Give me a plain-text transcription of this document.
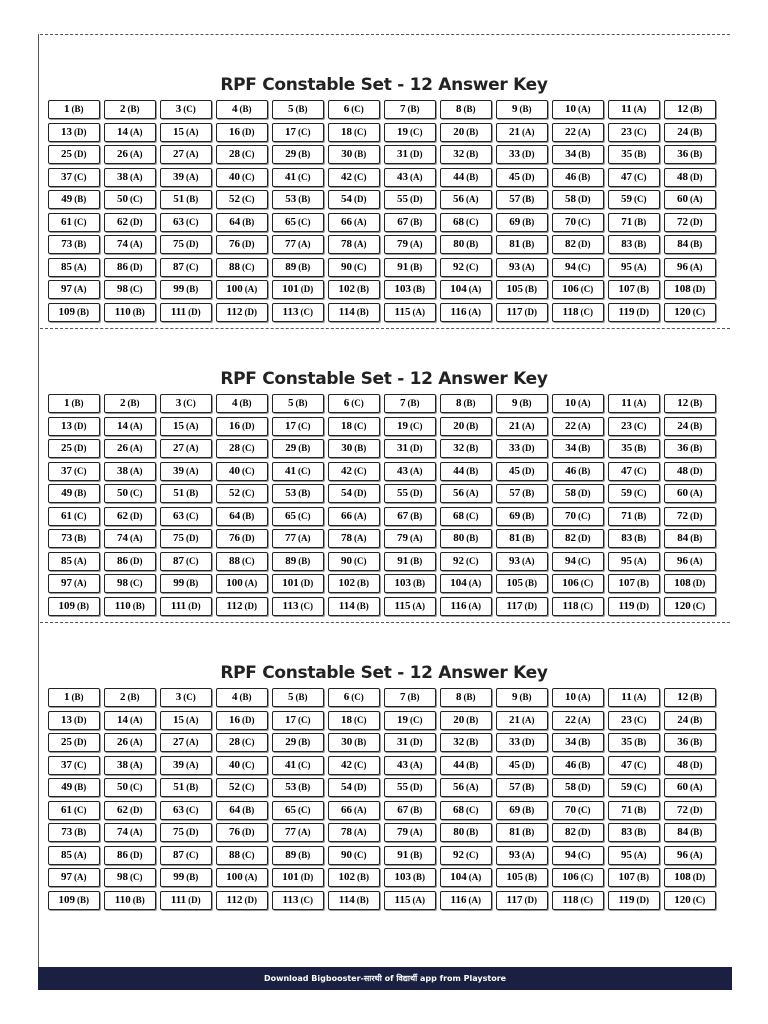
RPF Constable Set - 12 Answer Key
1 (B)	2 (B)	3 (C)	4 (B)	5 (B)	6 (C)	7 (B)	8 (B)	9 (B)	10 (A)	11 (A)	12 (B)
13 (D)	14 (A)	15 (A)	16 (D)	17 (C)	18 (C)	19 (C)	20 (B)	21 (A)	22 (A)	23 (C)	24 (B)
25 (D)	26 (A)	27 (A)	28 (C)	29 (B)	30 (B)	31 (D)	32 (B)	33 (D)	34 (B)	35 (B)	36 (B)
37 (C)	38 (A)	39 (A)	40 (C)	41 (C)	42 (C)	43 (A)	44 (B)	45 (D)	46 (B)	47 (C)	48 (D)
49 (B)	50 (C)	51 (B)	52 (C)	53 (B)	54 (D)	55 (D)	56 (A)	57 (B)	58 (D)	59 (C)	60 (A)
61 (C)	62 (D)	63 (C)	64 (B)	65 (C)	66 (A)	67 (B)	68 (C)	69 (B)	70 (C)	71 (B)	72 (D)
73 (B)	74 (A)	75 (D)	76 (D)	77 (A)	78 (A)	79 (A)	80 (B)	81 (B)	82 (D)	83 (B)	84 (B)
85 (A)	86 (D)	87 (C)	88 (C)	89 (B)	90 (C)	91 (B)	92 (C)	93 (A)	94 (C)	95 (A)	96 (A)
97 (A)	98 (C)	99 (B)	100 (A)	101 (D)	102 (B)	103 (B)	104 (A)	105 (B)	106 (C)	107 (B)	108 (D)
109 (B)	110 (B)	111 (D)	112 (D)	113 (C)	114 (B)	115 (A)	116 (A)	117 (D)	118 (C)	119 (D)	120 (C)
RPF Constable Set - 12 Answer Key
1 (B)	2 (B)	3 (C)	4 (B)	5 (B)	6 (C)	7 (B)	8 (B)	9 (B)	10 (A)	11 (A)	12 (B)
13 (D)	14 (A)	15 (A)	16 (D)	17 (C)	18 (C)	19 (C)	20 (B)	21 (A)	22 (A)	23 (C)	24 (B)
25 (D)	26 (A)	27 (A)	28 (C)	29 (B)	30 (B)	31 (D)	32 (B)	33 (D)	34 (B)	35 (B)	36 (B)
37 (C)	38 (A)	39 (A)	40 (C)	41 (C)	42 (C)	43 (A)	44 (B)	45 (D)	46 (B)	47 (C)	48 (D)
49 (B)	50 (C)	51 (B)	52 (C)	53 (B)	54 (D)	55 (D)	56 (A)	57 (B)	58 (D)	59 (C)	60 (A)
61 (C)	62 (D)	63 (C)	64 (B)	65 (C)	66 (A)	67 (B)	68 (C)	69 (B)	70 (C)	71 (B)	72 (D)
73 (B)	74 (A)	75 (D)	76 (D)	77 (A)	78 (A)	79 (A)	80 (B)	81 (B)	82 (D)	83 (B)	84 (B)
85 (A)	86 (D)	87 (C)	88 (C)	89 (B)	90 (C)	91 (B)	92 (C)	93 (A)	94 (C)	95 (A)	96 (A)
97 (A)	98 (C)	99 (B)	100 (A)	101 (D)	102 (B)	103 (B)	104 (A)	105 (B)	106 (C)	107 (B)	108 (D)
109 (B)	110 (B)	111 (D)	112 (D)	113 (C)	114 (B)	115 (A)	116 (A)	117 (D)	118 (C)	119 (D)	120 (C)
RPF Constable Set - 12 Answer Key
1 (B)	2 (B)	3 (C)	4 (B)	5 (B)	6 (C)	7 (B)	8 (B)	9 (B)	10 (A)	11 (A)	12 (B)
13 (D)	14 (A)	15 (A)	16 (D)	17 (C)	18 (C)	19 (C)	20 (B)	21 (A)	22 (A)	23 (C)	24 (B)
25 (D)	26 (A)	27 (A)	28 (C)	29 (B)	30 (B)	31 (D)	32 (B)	33 (D)	34 (B)	35 (B)	36 (B)
37 (C)	38 (A)	39 (A)	40 (C)	41 (C)	42 (C)	43 (A)	44 (B)	45 (D)	46 (B)	47 (C)	48 (D)
49 (B)	50 (C)	51 (B)	52 (C)	53 (B)	54 (D)	55 (D)	56 (A)	57 (B)	58 (D)	59 (C)	60 (A)
61 (C)	62 (D)	63 (C)	64 (B)	65 (C)	66 (A)	67 (B)	68 (C)	69 (B)	70 (C)	71 (B)	72 (D)
73 (B)	74 (A)	75 (D)	76 (D)	77 (A)	78 (A)	79 (A)	80 (B)	81 (B)	82 (D)	83 (B)	84 (B)
85 (A)	86 (D)	87 (C)	88 (C)	89 (B)	90 (C)	91 (B)	92 (C)	93 (A)	94 (C)	95 (A)	96 (A)
97 (A)	98 (C)	99 (B)	100 (A)	101 (D)	102 (B)	103 (B)	104 (A)	105 (B)	106 (C)	107 (B)	108 (D)
109 (B)	110 (B)	111 (D)	112 (D)	113 (C)	114 (B)	115 (A)	116 (A)	117 (D)	118 (C)	119 (D)	120 (C)
Download Bigbooster-सारथी of विद्यार्थी app from Playstore
